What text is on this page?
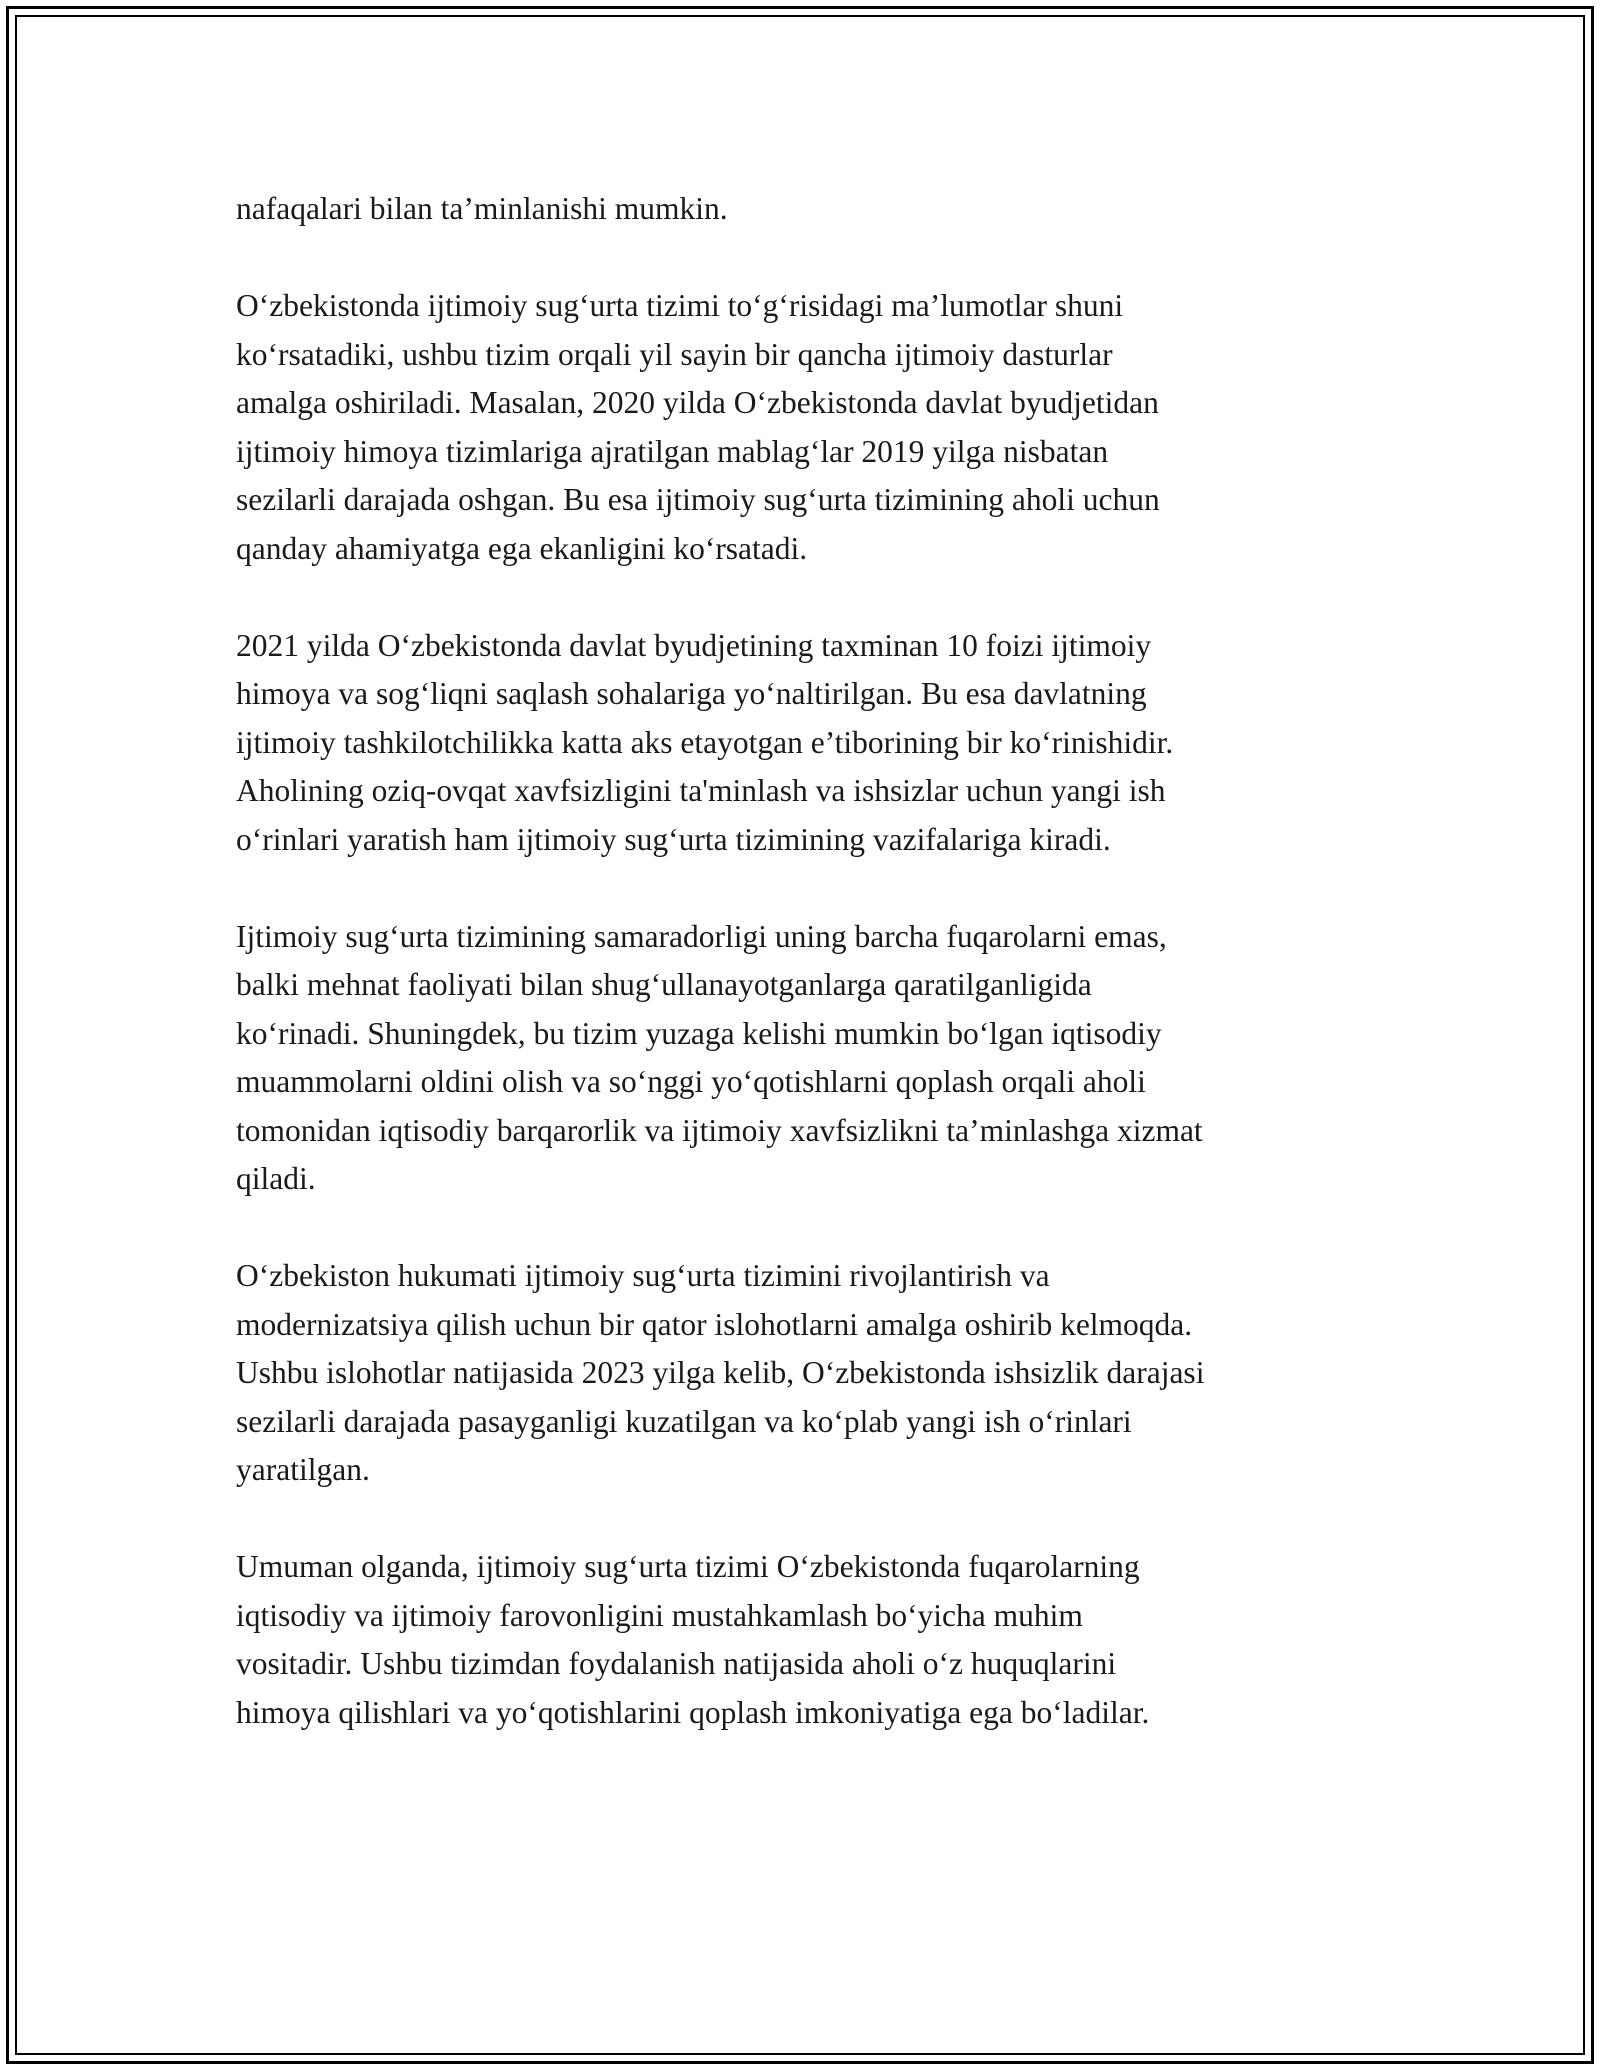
nafaqalari bilan ta’minlanishi mumkin.

O‘zbekistonda ijtimoiy sug‘urta tizimi to‘g‘risidagi ma’lumotlar shuni
ko‘rsatadiki, ushbu tizim orqali yil sayin bir qancha ijtimoiy dasturlar
amalga oshiriladi. Masalan, 2020 yilda O‘zbekistonda davlat byudjetidan
ijtimoiy himoya tizimlariga ajratilgan mablag‘lar 2019 yilga nisbatan
sezilarli darajada oshgan. Bu esa ijtimoiy sug‘urta tizimining aholi uchun
qanday ahamiyatga ega ekanligini ko‘rsatadi.

2021 yilda O‘zbekistonda davlat byudjetining taxminan 10 foizi ijtimoiy
himoya va sog‘liqni saqlash sohalariga yo‘naltirilgan. Bu esa davlatning
ijtimoiy tashkilotchilikka katta aks etayotgan e’tiborining bir ko‘rinishidir.
Aholining oziq-ovqat xavfsizligini ta'minlash va ishsizlar uchun yangi ish
o‘rinlari yaratish ham ijtimoiy sug‘urta tizimining vazifalariga kiradi.

Ijtimoiy sug‘urta tizimining samaradorligi uning barcha fuqarolarni emas,
balki mehnat faoliyati bilan shug‘ullanayotganlarga qaratilganligida
ko‘rinadi. Shuningdek, bu tizim yuzaga kelishi mumkin bo‘lgan iqtisodiy
muammolarni oldini olish va so‘nggi yo‘qotishlarni qoplash orqali aholi
tomonidan iqtisodiy barqarorlik va ijtimoiy xavfsizlikni ta’minlashga xizmat
qiladi.

O‘zbekiston hukumati ijtimoiy sug‘urta tizimini rivojlantirish va
modernizatsiya qilish uchun bir qator islohotlarni amalga oshirib kelmoqda.
Ushbu islohotlar natijasida 2023 yilga kelib, O‘zbekistonda ishsizlik darajasi
sezilarli darajada pasayganligi kuzatilgan va ko‘plab yangi ish o‘rinlari
yaratilgan.

Umuman olganda, ijtimoiy sug‘urta tizimi O‘zbekistonda fuqarolarning
iqtisodiy va ijtimoiy farovonligini mustahkamlash bo‘yicha muhim
vositadir. Ushbu tizimdan foydalanish natijasida aholi o‘z huquqlarini
himoya qilishlari va yo‘qotishlarini qoplash imkoniyatiga ega bo‘ladilar.
